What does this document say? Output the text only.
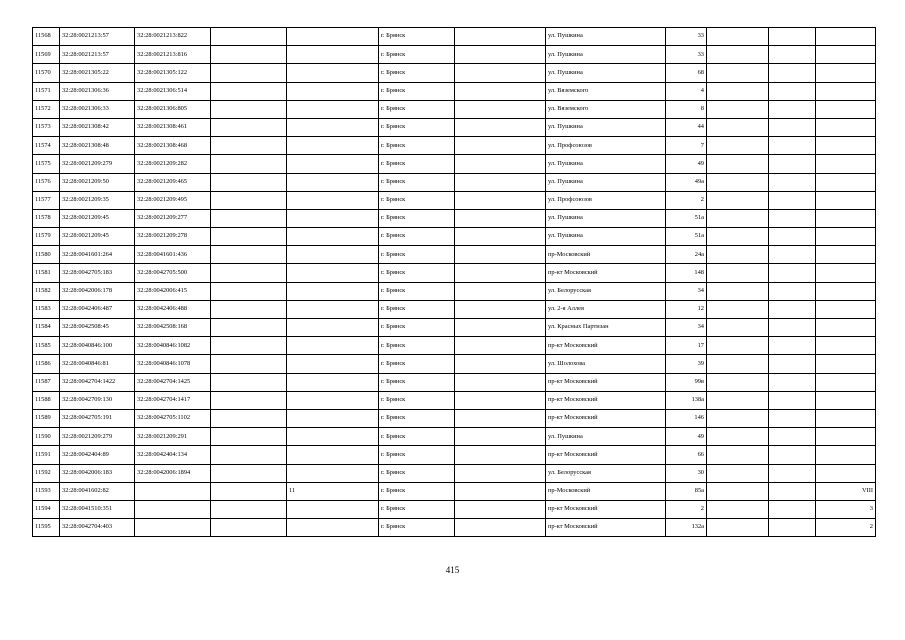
11568	32:28:0021213:57	32:28:0021213:822			г. Брянск		ул. Пушкина	33			
11569	32:28:0021213:57	32:28:0021213:816			г. Брянск		ул. Пушкина	33			
11570	32:28:0021305:22	32:28:0021305:122			г. Брянск		ул. Пушкина	68			
11571	32:28:0021306:36	32:28:0021306:514			г. Брянск		ул. Вяземского	4			
11572	32:28:0021306:33	32:28:0021306:805			г. Брянск		ул. Вяземского	8			
11573	32:28:0021308:42	32:28:0021308:461			г. Брянск		ул. Пушкина	44			
11574	32:28:0021308:48	32:28:0021308:468			г. Брянск		ул. Профсоюзов	7			
11575	32:28:0021209:279	32:28:0021209:282			г. Брянск		ул. Пушкина	49			
11576	32:28:0021209:50	32:28:0021209:465			г. Брянск		ул. Пушкина	49а			
11577	32:28:0021209:35	32:28:0021209:495			г. Брянск		ул. Профсоюзов	2			
11578	32:28:0021209:45	32:28:0021209:277			г. Брянск		ул. Пушкина	51а			
11579	32:28:0021209:45	32:28:0021209:278			г. Брянск		ул. Пушкина	51а			
11580	32:28:0041601:264	32:28:0041601:436			г. Брянск		пр-Московский	24а			
11581	32:28:0042705:183	32:28:0042705:500			г. Брянск		пр-кт Московский	148			
11582	32:28:0042006:178	32:28:0042006:415			г. Брянск		ул. Белорусская	34			
11583	32:28:0042406:487	32:28:0042406:488			г. Брянск		ул. 2-я Аллея	12			
11584	32:28:0042508:45	32:28:0042508:168			г. Брянск		ул. Красных Партизан	34			
11585	32:28:0040846:100	32:28:0040846:1082			г. Брянск		пр-кт Московский	17			
11586	32:28:0040846:81	32:28:0040846:1078			г. Брянск		ул. Шолохова	39			
11587	32:28:0042704:1422	32:28:0042704:1425			г. Брянск		пр-кт Московский	99в			
11588	32:28:0042709:130	32:28:0042704:1417			г. Брянск		пр-кт Московский	138а			
11589	32:28:0042705:191	32:28:0042705:1102			г. Брянск		пр-кт Московский	146			
11590	32:28:0021209:279	32:28:0021209:291			г. Брянск		ул. Пушкина	49			
11591	32:28:0042404:89	32:28:0042404:134			г. Брянск		пр-кт Московский	66			
11592	32:28:0042006:183	32:28:0042006:1894			г. Брянск		ул. Белорусская	30			
11593	32:28:0041602:82			11	г. Брянск		пр-Московский	85а			VIII
11594	32:28:0041510:351				г. Брянск		пр-кт Московский	2			3
11595	32:28:0042704:403				г. Брянск		пр-кт Московский	132а			2
415
